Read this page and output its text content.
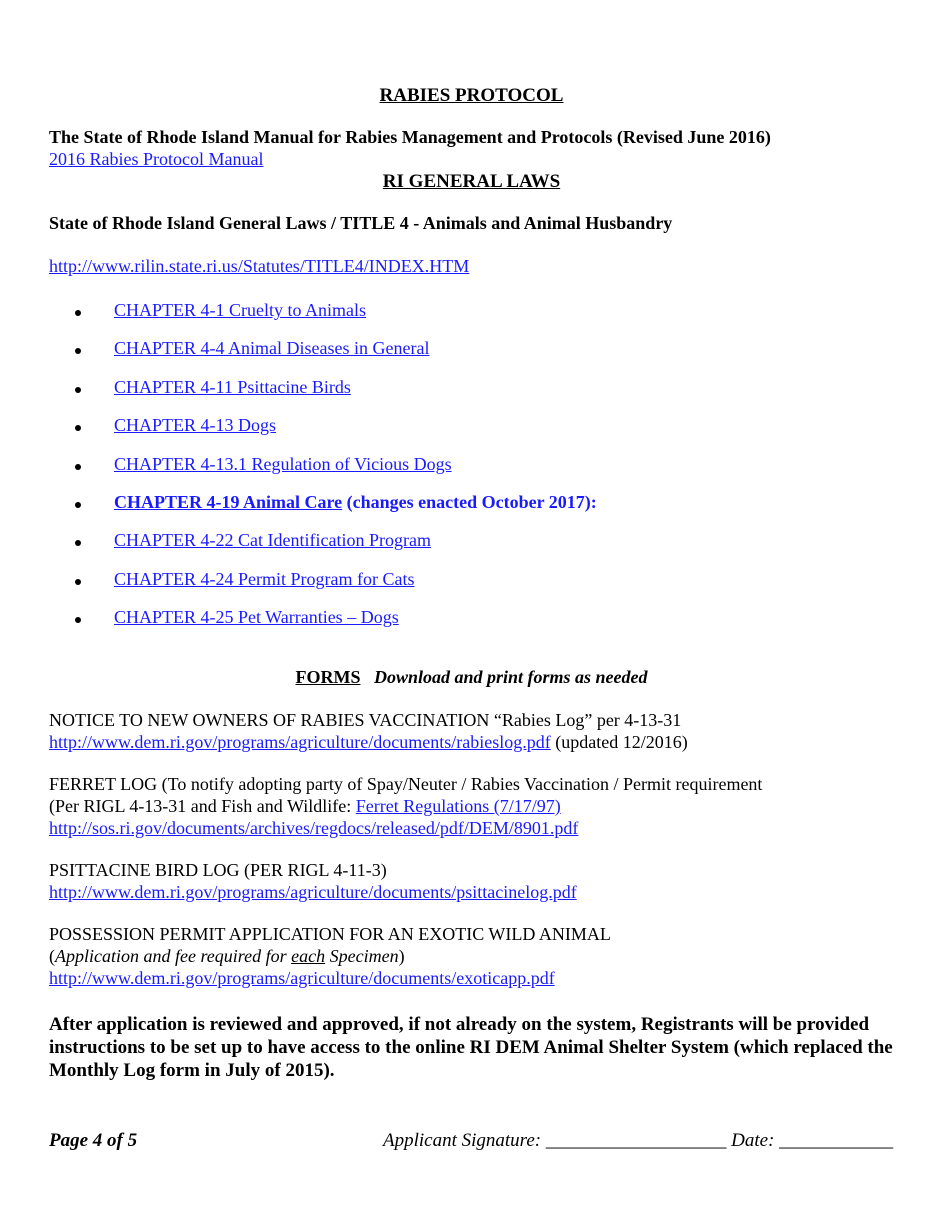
RABIES PROTOCOL
The State of Rhode Island Manual for Rabies Management and Protocols (Revised June 2016)
2016 Rabies Protocol Manual
RI GENERAL LAWS
State of Rhode Island General Laws / TITLE 4 - Animals and Animal Husbandry
http://www.rilin.state.ri.us/Statutes/TITLE4/INDEX.HTM
CHAPTER 4-1 Cruelty to Animals
CHAPTER 4-4 Animal Diseases in General
CHAPTER 4-11 Psittacine Birds
CHAPTER 4-13 Dogs
CHAPTER 4-13.1 Regulation of Vicious Dogs
CHAPTER 4-19 Animal Care (changes enacted October 2017):
CHAPTER 4-22 Cat Identification Program
CHAPTER 4-24 Permit Program for Cats
CHAPTER 4-25 Pet Warranties – Dogs
FORMS Download and print forms as needed
NOTICE TO NEW OWNERS OF RABIES VACCINATION “Rabies Log” per 4-13-31
http://www.dem.ri.gov/programs/agriculture/documents/rabieslog.pdf (updated 12/2016)
FERRET LOG (To notify adopting party of Spay/Neuter / Rabies Vaccination / Permit requirement
(Per RIGL 4-13-31 and Fish and Wildlife: Ferret Regulations (7/17/97)
http://sos.ri.gov/documents/archives/regdocs/released/pdf/DEM/8901.pdf
PSITTACINE BIRD LOG (PER RIGL 4-11-3)
http://www.dem.ri.gov/programs/agriculture/documents/psittacinelog.pdf
POSSESSION PERMIT APPLICATION FOR AN EXOTIC WILD ANIMAL
(Application and fee required for each Specimen)
http://www.dem.ri.gov/programs/agriculture/documents/exoticapp.pdf
After application is reviewed and approved, if not already on the system, Registrants will be provided instructions to be set up to have access to the online RI DEM Animal Shelter System (which replaced the Monthly Log form in July of 2015).
Page 4 of 5	Applicant Signature: ___________________ Date: ____________
